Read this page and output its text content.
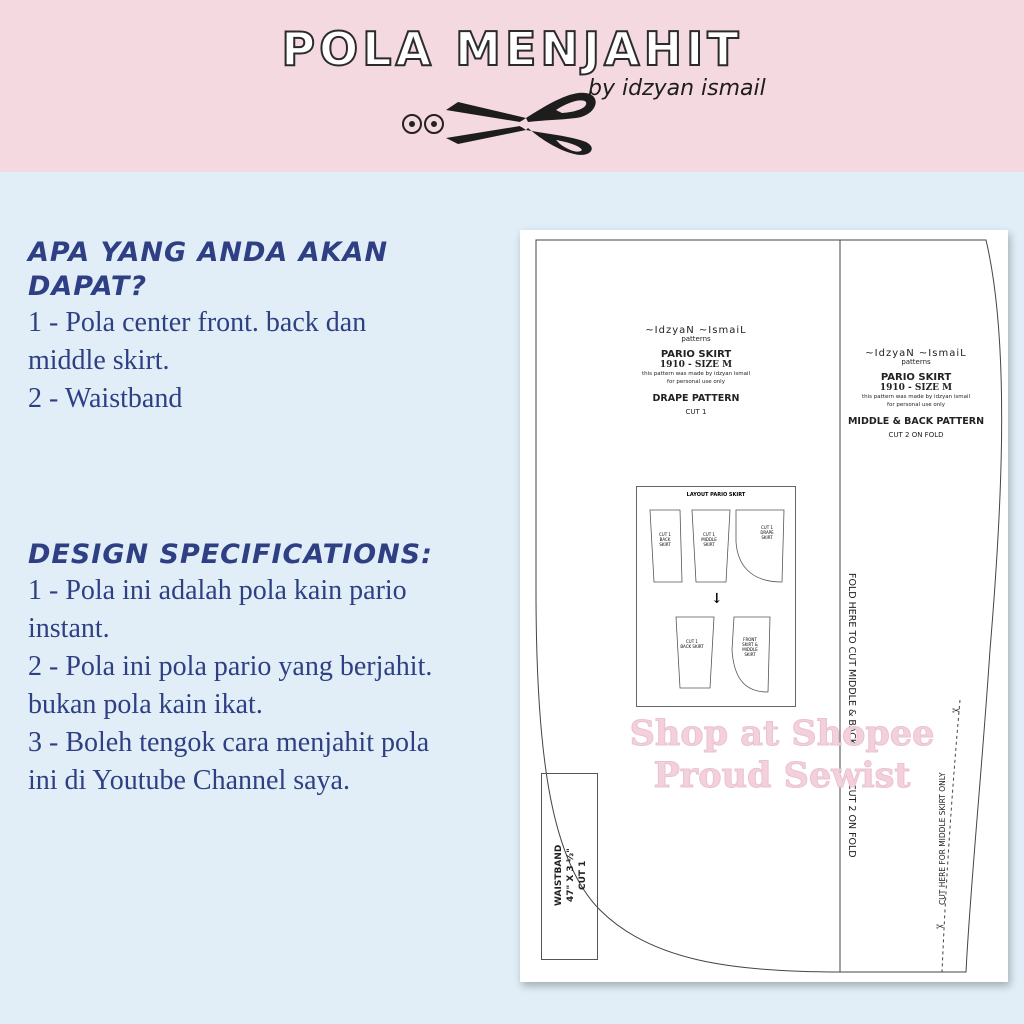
POLA MENJAHIT
by idzyan ismail
APA YANG ANDA AKAN DAPAT?
1 - Pola center front. back dan
middle skirt.
2 - Waistband
DESIGN SPECIFICATIONS:
1 - Pola ini adalah pola kain pario
instant.
2 - Pola ini pola pario yang berjahit.
bukan pola kain ikat.
3 - Boleh tengok cara menjahit pola
ini di Youtube Channel saya.
✂
✂
~IdzyaN ~IsmaiL
patterns
PARIO SKIRT
1910 - SIZE M
this pattern was made by idzyan ismail
for personal use only
DRAPE PATTERN
CUT 1
~IdzyaN ~IsmaiL
patterns
PARIO SKIRT
1910 - SIZE M
this pattern was made by idzyan ismail
for personal use only
MIDDLE & BACK PATTERN
CUT 2 ON FOLD
LAYOUT PARIO SKIRT
CUT 1 BACK SKIRT
CUT 1 MIDDLE SKIRT
CUT 1 DRAPE SKIRT
↓
CUT 1 BACK SKIRT
FRONT SKIRT & MIDDLE SKIRT	FOLD HERE TO CUT MIDDLE & BACK
CUT 2 ON FOLD	CUT HERE FOR MIDDLE SKIRT ONLY
WAISTBAND 47" X 3 ½" CUT 1
Shop at Shopee
Proud Sewist
